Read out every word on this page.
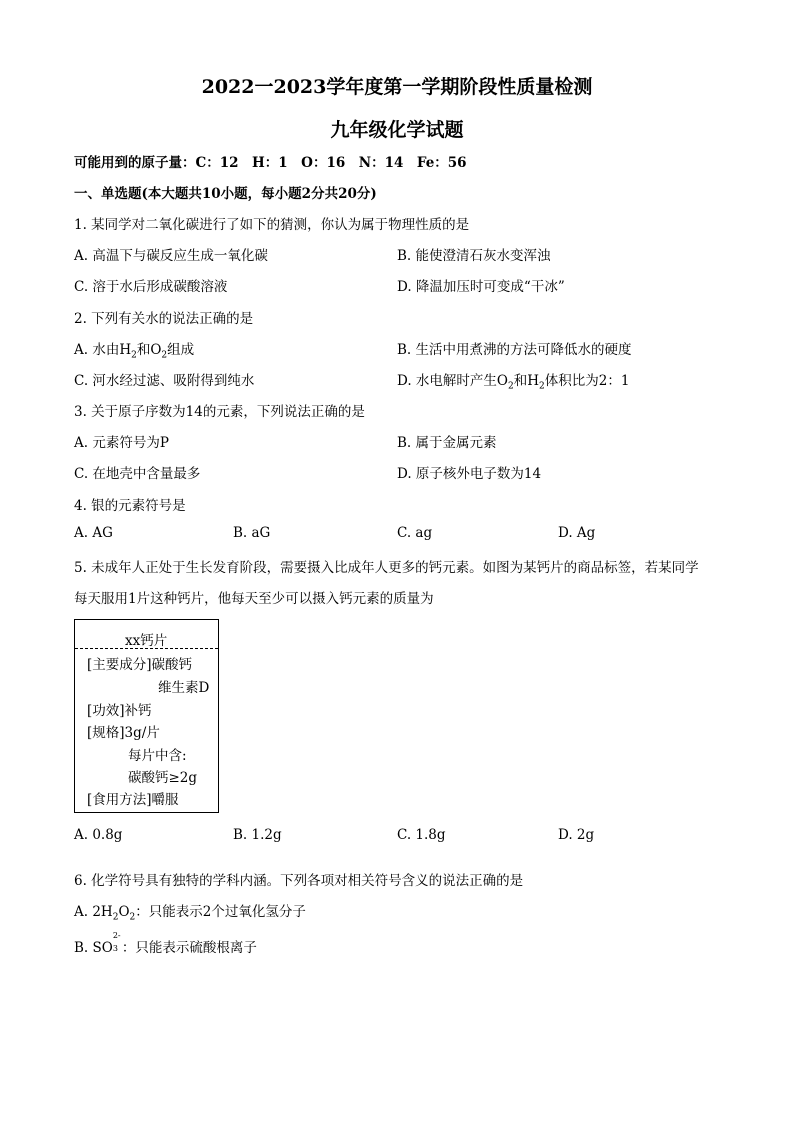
2022一2023学年度第一学期阶段性质量检测
九年级化学试题
可能用到的原子量：C：12　H：1　O：16　N：14　Fe：56
一、单选题(本大题共10小题，每小题2分共20分)
1. 某同学对二氧化碳进行了如下的猜测，你认为属于物理性质的是
A. 高温下与碳反应生成一氧化碳	B. 能使澄清石灰水变浑浊
C. 溶于水后形成碳酸溶液	D. 降温加压时可变成“干冰”
2. 下列有关水的说法正确的是
A. 水由$H_2$和$O_2$组成	B. 生活中用煮沸的方法可降低水的硬度
C. 河水经过滤、吸附得到纯水	D. 水电解时产生$O_2$和$H_2$体积比为2：1
3. 关于原子序数为14的元素，下列说法正确的是
A. 元素符号为P	B. 属于金属元素
C. 在地壳中含量最多	D. 原子核外电子数为14
4. 银的元素符号是
A. AG	B. aG	C. ag	D. Ag
5. 未成年人正处于生长发育阶段，需要摄入比成年人更多的钙元素。如图为某钙片的商品标签，若某同学
每天服用1片这种钙片，他每天至少可以摄入钙元素的质量为
xx钙片
[主要成分]碳酸钙
维生素D
[功效]补钙
[规格]3g/片
每片中含:
碳酸钙≥2g
[食用方法]嚼服
A. 0.8g	B. 1.2g	C. 1.8g	D. 2g
6. 化学符号具有独特的学科内涵。下列各项对相关符号含义的说法正确的是
A. $2H_2O_2$：只能表示2个过氧化氢分子
B. SO
2-
3 ：只能表示硫酸根离子
